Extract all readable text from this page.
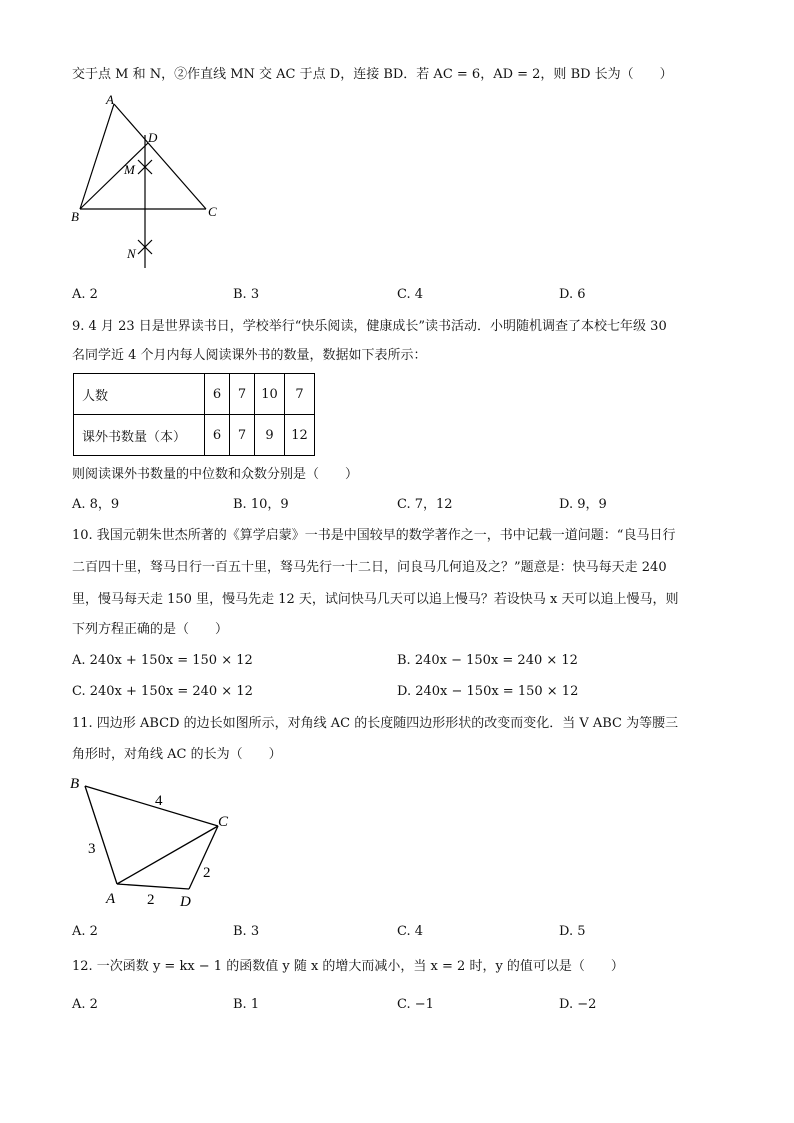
交于点 M 和 N，②作直线 MN 交 AC 于点 D，连接 BD．若 AC = 6，AD = 2，则 BD 长为（　　）
A
D
M
B	C
N
A. 2	B. 3	C. 4	D. 6
9. 4 月 23 日是世界读书日，学校举行“快乐阅读，健康成长”读书活动．小明随机调查了本校七年级 30
名同学近 4 个月内每人阅读课外书的数量，数据如下表所示：
人数	6	7	10	7
课外书数量（本）	6	7	9	12
则阅读课外书数量的中位数和众数分别是（　　）
A. 8，9	B. 10，9	C. 7，12	D. 9，9
10. 我国元朝朱世杰所著的《算学启蒙》一书是中国较早的数学著作之一，书中记载一道问题：“良马日行
二百四十里，驽马日行一百五十里，驽马先行一十二日，问良马几何追及之？”题意是：快马每天走 240
里，慢马每天走 150 里，慢马先走 12 天，试问快马几天可以追上慢马？若设快马 x 天可以追上慢马，则
下列方程正确的是（　　）
A. 240x + 150x = 150 × 12	B. 240x − 150x = 240 × 12
C. 240x + 150x = 240 × 12	D. 240x − 150x = 150 × 12
11. 四边形 ABCD 的边长如图所示，对角线 AC 的长度随四边形形状的改变而变化．当 V ABC 为等腰三
角形时，对角线 AC 的长为（　　）
B
C
A	D
4
3
2
2
A. 2	B. 3	C. 4	D. 5
12. 一次函数 y = kx − 1 的函数值 y 随 x 的增大而减小，当 x = 2 时，y 的值可以是（　　）
A. 2	B. 1	C. −1	D. −2
